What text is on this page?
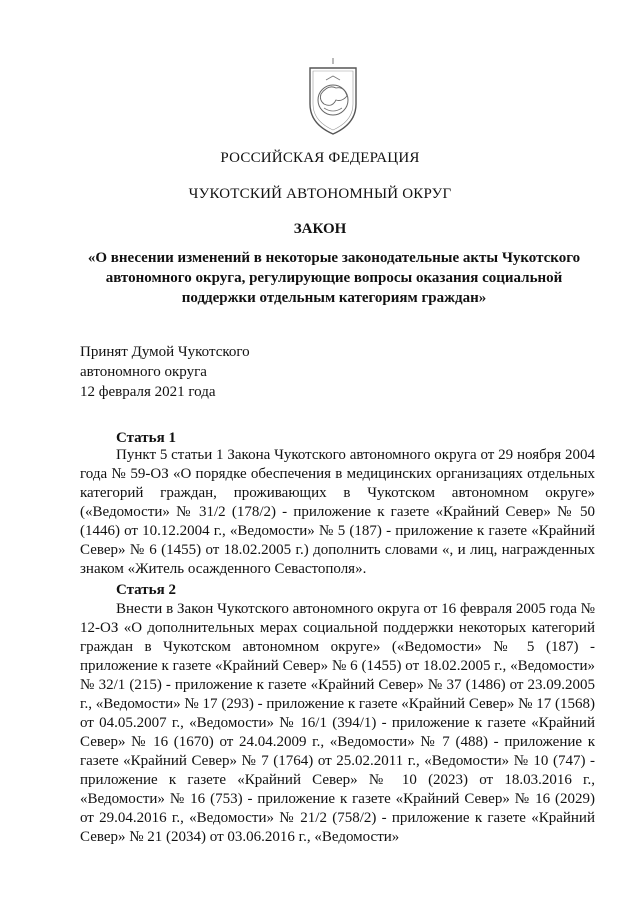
РОССИЙСКАЯ ФЕДЕРАЦИЯ
ЧУКОТСКИЙ АВТОНОМНЫЙ ОКРУГ
ЗАКОН
«О внесении изменений в некоторые законодательные акты Чукотского автономного округа, регулирующие вопросы оказания социальной поддержки отдельным категориям граждан»
Принят Думой Чукотского
автономного округа
12 февраля 2021 года
Статья 1
Пункт 5 статьи 1 Закона Чукотского автономного округа от 29 ноября 2004 года № 59-ОЗ «О порядке обеспечения в медицинских организациях отдельных категорий граждан, проживающих в Чукотском автономном округе» («Ведомости» № 31/2 (178/2) - приложение к газете «Крайний Север» № 50 (1446) от 10.12.2004 г., «Ведомости» № 5 (187) - приложение к газете «Крайний Север» № 6 (1455) от 18.02.2005 г.) дополнить словами «, и лиц, награжденных знаком «Житель осажденного Севастополя».
Статья 2
Внести в Закон Чукотского автономного округа от 16 февраля 2005 года № 12-ОЗ «О дополнительных мерах социальной поддержки некоторых категорий граждан в Чукотском автономном округе» («Ведомости» № 5 (187) - приложение к газете «Крайний Север» № 6 (1455) от 18.02.2005 г., «Ведомости» № 32/1 (215) - приложение к газете «Крайний Север» № 37 (1486) от 23.09.2005 г., «Ведомости» № 17 (293) - приложение к газете «Крайний Север» № 17 (1568) от 04.05.2007 г., «Ведомости» № 16/1 (394/1) - приложение к газете «Крайний Север» № 16 (1670) от 24.04.2009 г., «Ведомости» № 7 (488) - приложение к газете «Крайний Север» № 7 (1764) от 25.02.2011 г., «Ведомости» № 10 (747) - приложение к газете «Крайний Север» № 10 (2023) от 18.03.2016 г., «Ведомости» № 16 (753) - приложение к газете «Крайний Север» № 16 (2029) от 29.04.2016 г., «Ведомости» № 21/2 (758/2) - приложение к газете «Крайний Север» № 21 (2034) от 03.06.2016 г., «Ведомости»
